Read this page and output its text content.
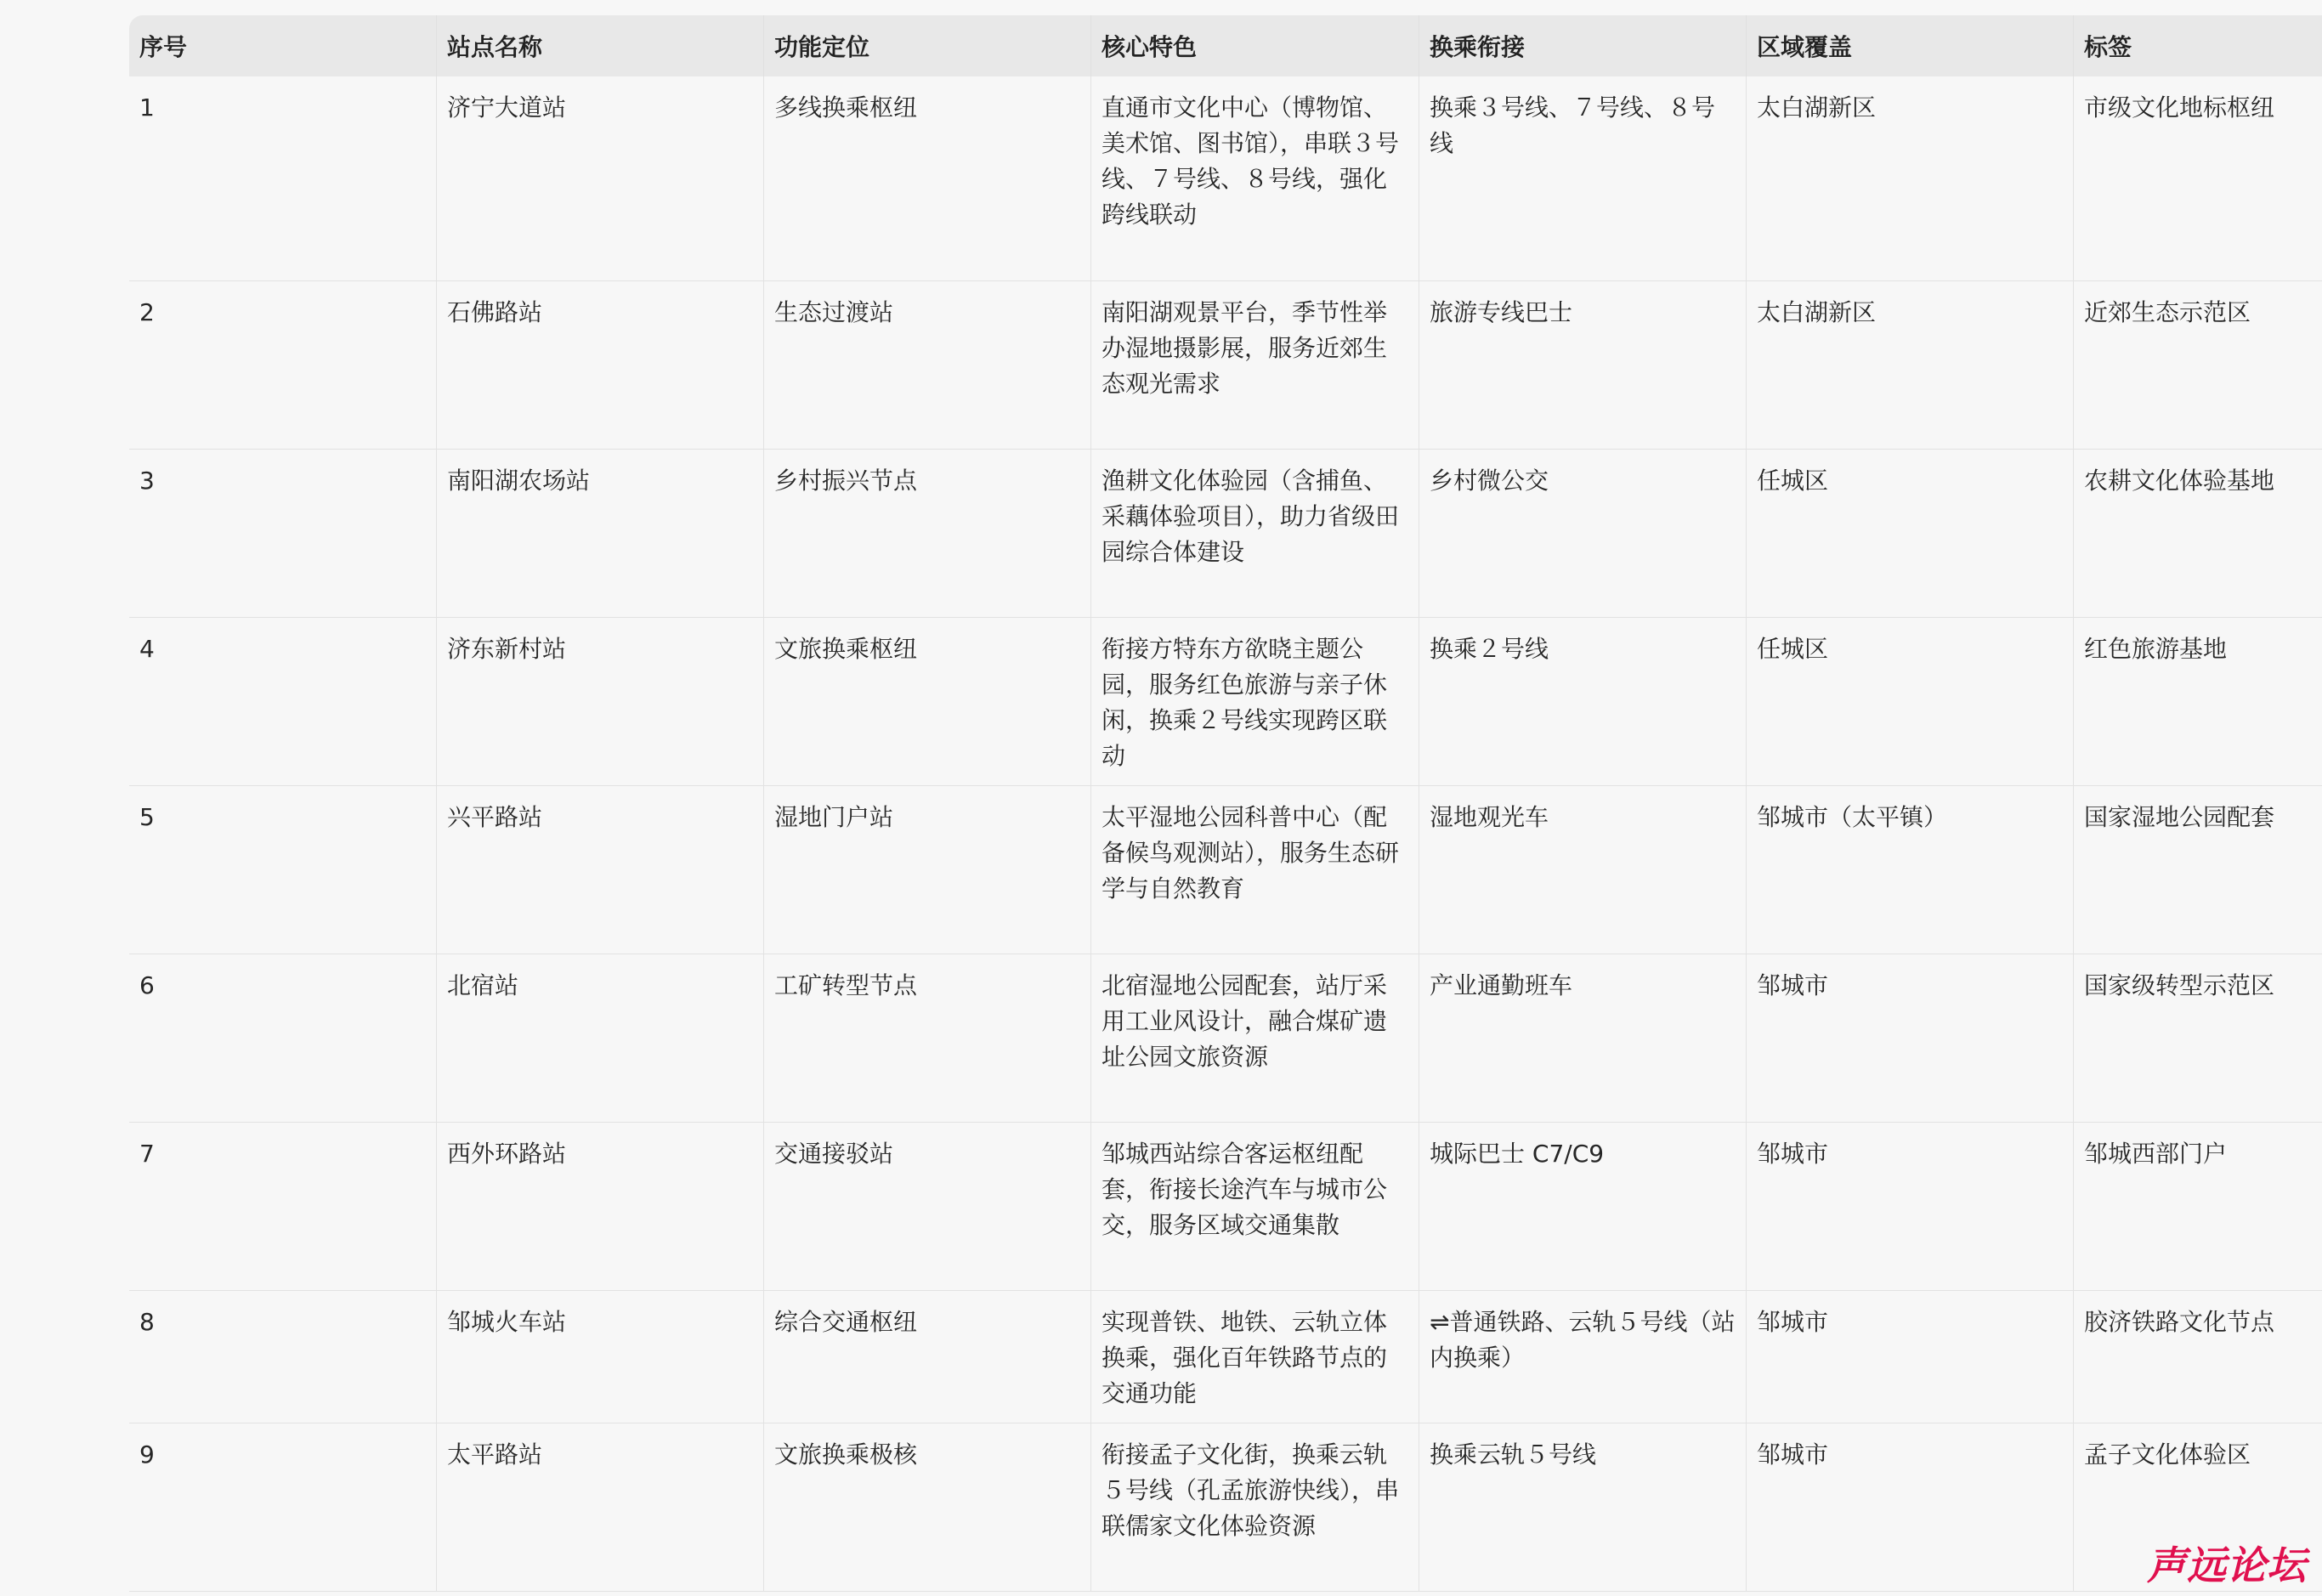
序号	站点名称	功能定位	核心特色	换乘衔接	区域覆盖	标签
1	济宁大道站	多线换乘枢纽	直通市文化中心（博物馆、美术馆、图书馆），串联３号线、７号线、８号线，强化跨线联动	换乘３号线、７号线、８号线	太白湖新区	市级文化地标枢纽
2	石佛路站	生态过渡站	南阳湖观景平台，季节性举办湿地摄影展，服务近郊生态观光需求	旅游专线巴士	太白湖新区	近郊生态示范区
3	南阳湖农场站	乡村振兴节点	渔耕文化体验园（含捕鱼、采藕体验项目），助力省级田园综合体建设	乡村微公交	任城区	农耕文化体验基地
4	济东新村站	文旅换乘枢纽	衔接方特东方欲晓主题公园，服务红色旅游与亲子休闲，换乘２号线实现跨区联动	换乘２号线	任城区	红色旅游基地
5	兴平路站	湿地门户站	太平湿地公园科普中心（配备候鸟观测站），服务生态研学与自然教育	湿地观光车	邹城市（太平镇）	国家湿地公园配套
6	北宿站	工矿转型节点	北宿湿地公园配套，站厅采用工业风设计，融合煤矿遗址公园文旅资源	产业通勤班车	邹城市	国家级转型示范区
7	西外环路站	交通接驳站	邹城西站综合客运枢纽配套，衔接长途汽车与城市公交，服务区域交通集散	城际巴士 C7/C9	邹城市	邹城西部门户
8	邹城火车站	综合交通枢纽	实现普铁、地铁、云轨立体换乘，强化百年铁路节点的交通功能	⇌普通铁路、云轨５号线（站内换乘）	邹城市	胶济铁路文化节点
9	太平路站	文旅换乘极核	衔接孟子文化街，换乘云轨５号线（孔孟旅游快线），串联儒家文化体验资源	换乘云轨５号线	邹城市	孟子文化体验区
声远论坛
